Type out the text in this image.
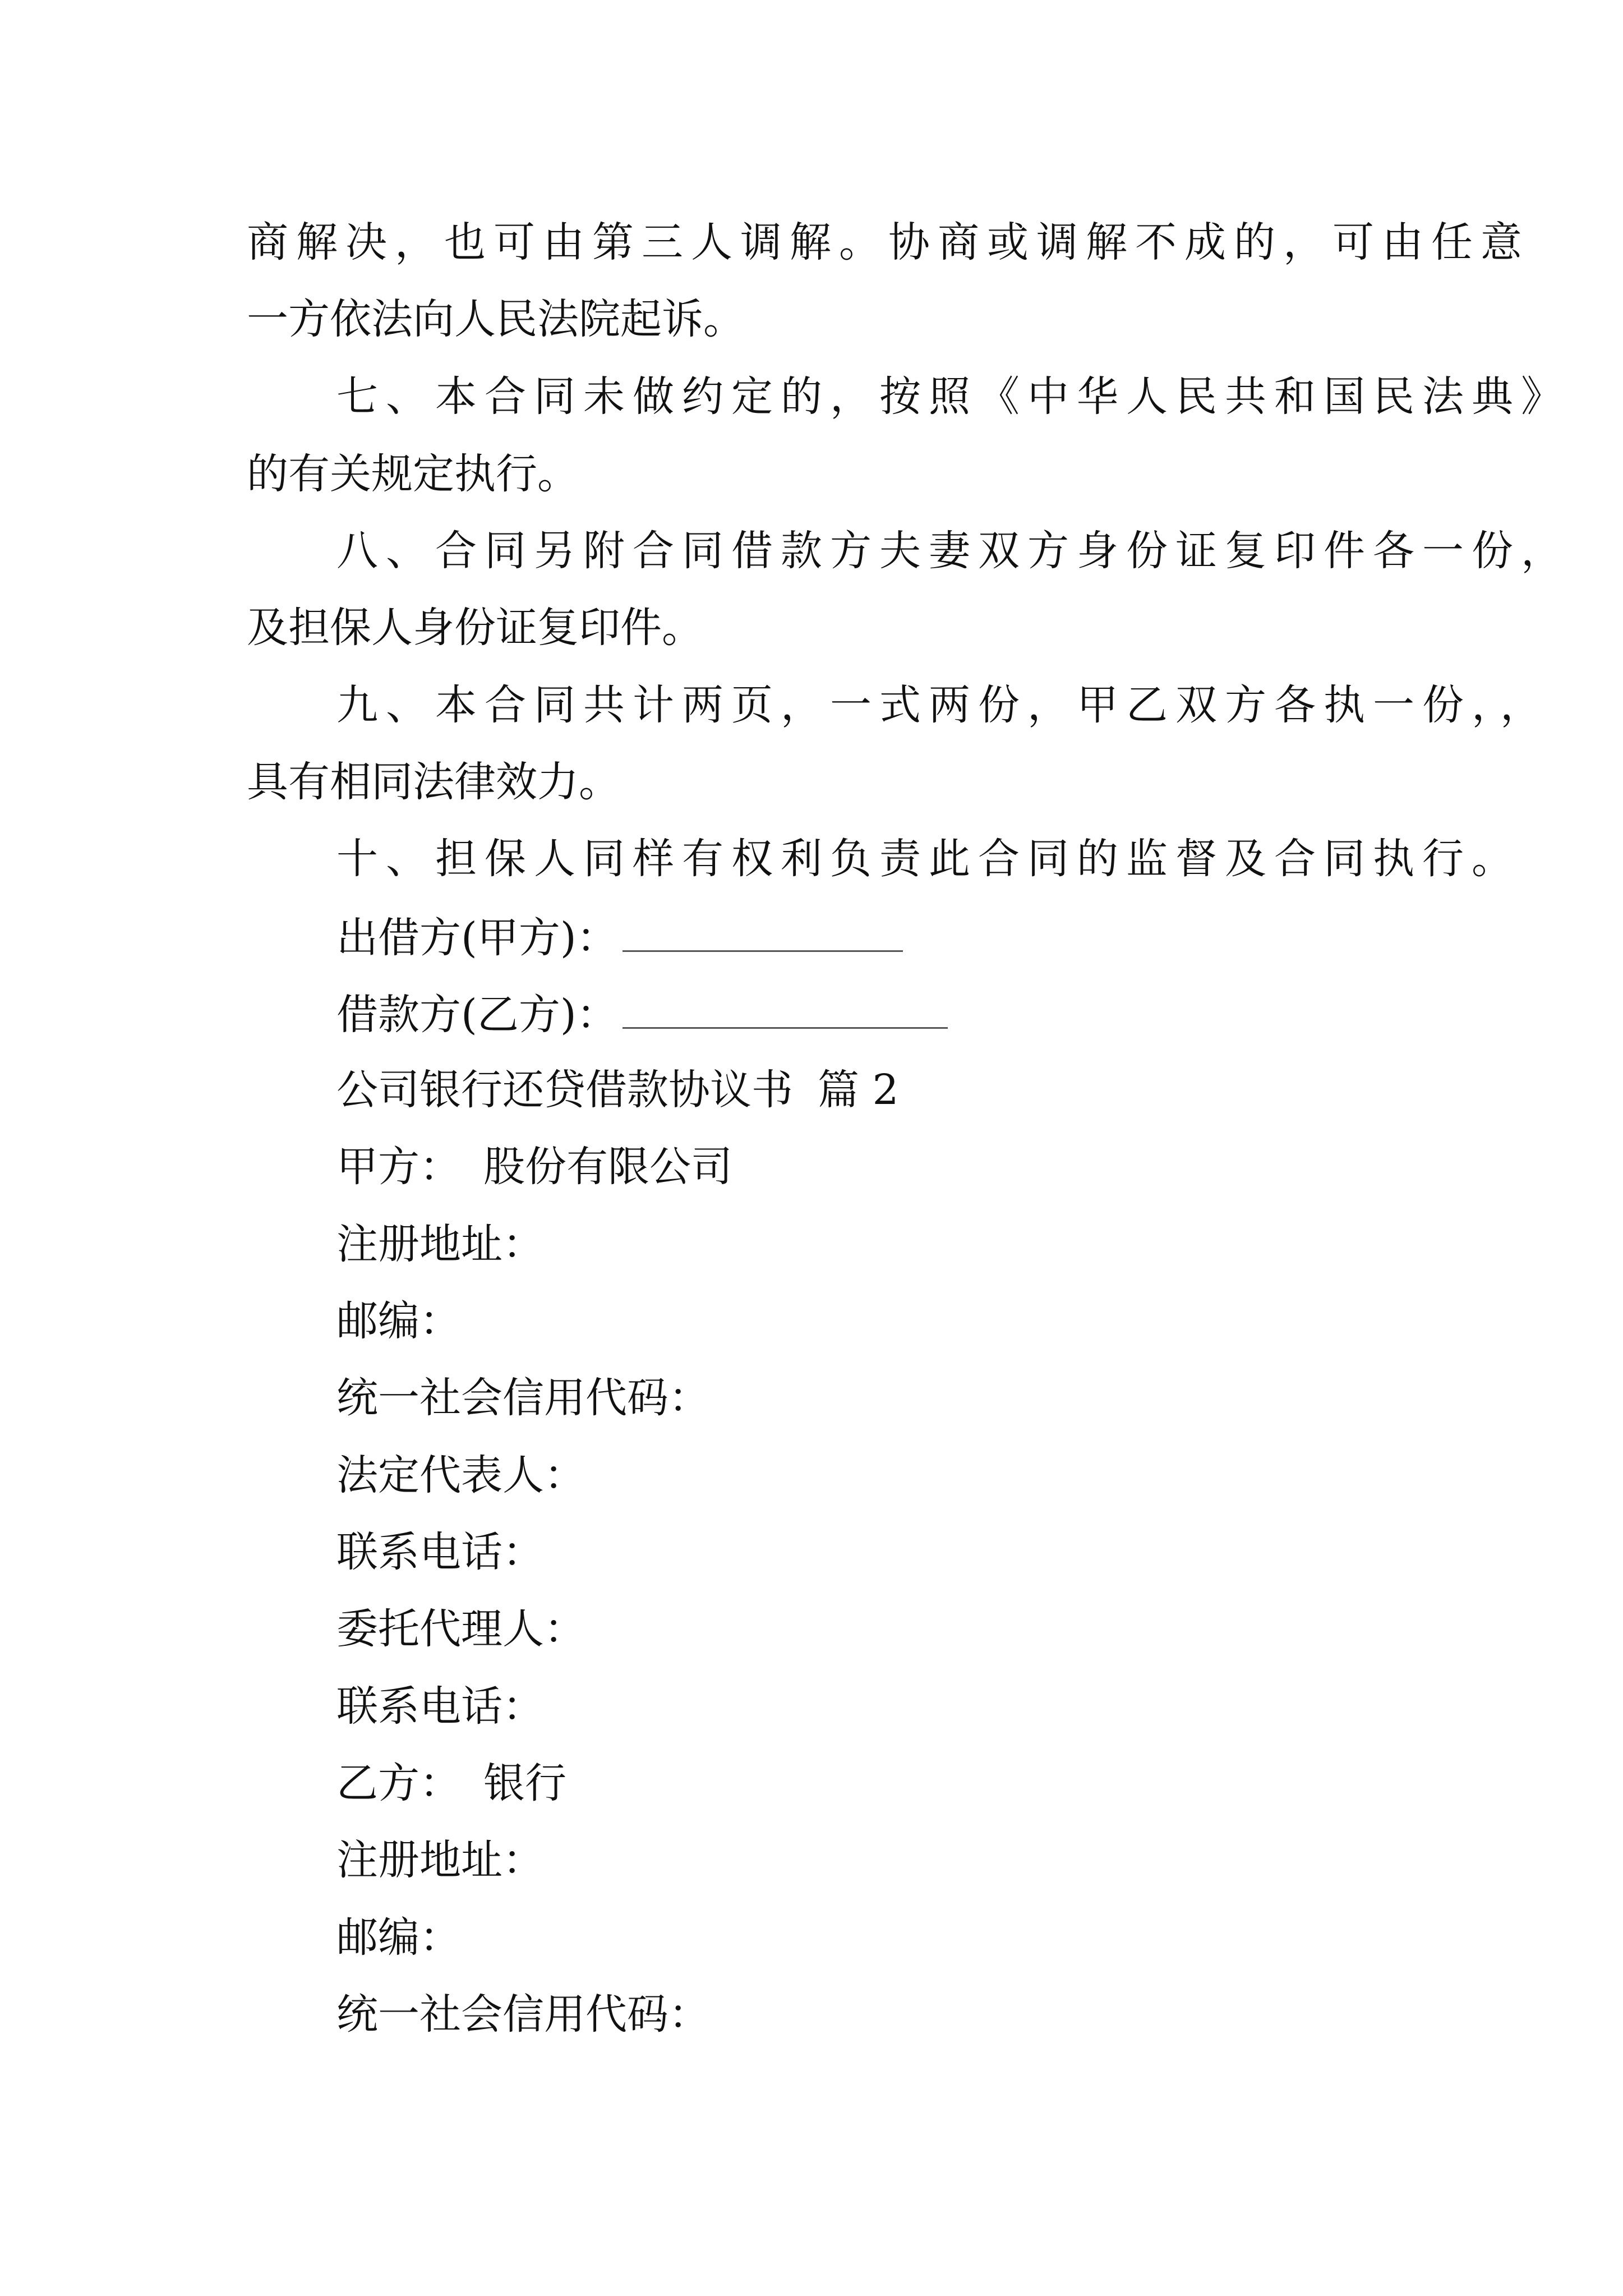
商解决，也可由第三人调解。协商或调解不成的，可由任意

一方依法向人民法院起诉。

七、本合同未做约定的，按照《中华人民共和国民法典》

的有关规定执行。

八、合同另附合同借款方夫妻双方身份证复印件各一份，

及担保人身份证复印件。

九、本合同共计两页，一式两份，甲乙双方各执一份，，

具有相同法律效力。

十、担保人同样有权利负责此合同的监督及合同执行。

出借方(甲方)：

借款方(乙方)：

公司银行还贷借款协议书 篇 2

甲方： 股份有限公司

注册地址：

邮编：

统一社会信用代码：

法定代表人：

联系电话：

委托代理人：

联系电话：

乙方： 银行

注册地址：

邮编：

统一社会信用代码：
